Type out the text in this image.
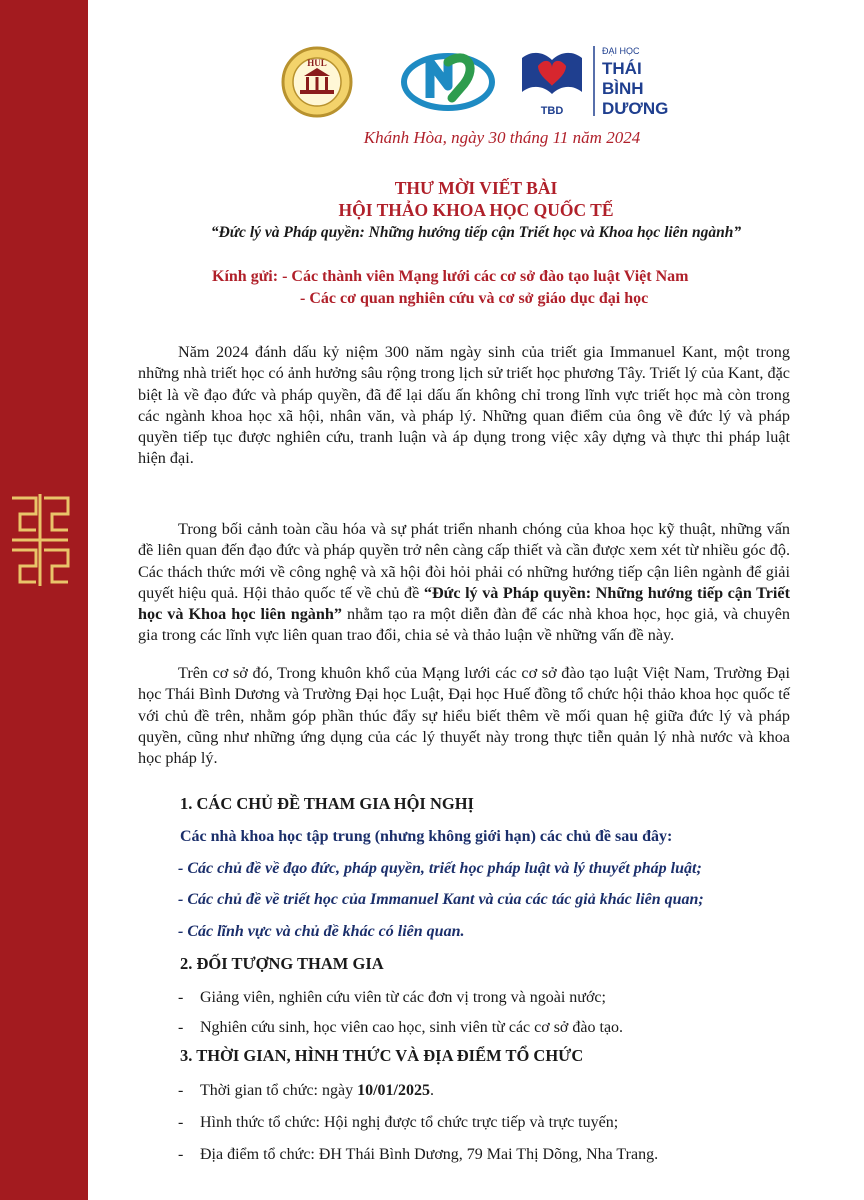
HUL
TBD
ĐẠI HỌC
THÁI
BÌNH
DƯƠNG
Khánh Hòa, ngày 30 tháng 11 năm 2024
THƯ MỜI VIẾT BÀI
HỘI THẢO KHOA HỌC QUỐC TẾ
“Đức lý và Pháp quyền: Những hướng tiếp cận Triết học và Khoa học liên ngành”
Kính gửi: - Các thành viên Mạng lưới các cơ sở đào tạo luật Việt Nam
- Các cơ quan nghiên cứu và cơ sở giáo dục đại học

Năm 2024 đánh dấu kỷ niệm 300 năm ngày sinh của triết gia Immanuel Kant, một trong những nhà triết học có ảnh hưởng sâu rộng trong lịch sử triết học phương Tây. Triết lý của Kant, đặc biệt là về đạo đức và pháp quyền, đã để lại dấu ấn không chỉ trong lĩnh vực triết học mà còn trong các ngành khoa học xã hội, nhân văn, và pháp lý. Những quan điểm của ông về đức lý và pháp quyền tiếp tục được nghiên cứu, tranh luận và áp dụng trong việc xây dựng và thực thi pháp luật hiện đại.

Trong bối cảnh toàn cầu hóa và sự phát triển nhanh chóng của khoa học kỹ thuật, những vấn đề liên quan đến đạo đức và pháp quyền trở nên càng cấp thiết và cần được xem xét từ nhiều góc độ. Các thách thức mới về công nghệ và xã hội đòi hỏi phải có những hướng tiếp cận liên ngành để giải quyết hiệu quả. Hội thảo quốc tế về chủ đề “Đức lý và Pháp quyền: Những hướng tiếp cận Triết học và Khoa học liên ngành” nhằm tạo ra một diễn đàn để các nhà khoa học, học giả, và chuyên gia trong các lĩnh vực liên quan trao đổi, chia sẻ và thảo luận về những vấn đề này.

Trên cơ sở đó, Trong khuôn khổ của Mạng lưới các cơ sở đào tạo luật Việt Nam, Trường Đại học Thái Bình Dương và Trường Đại học Luật, Đại học Huế đồng tổ chức hội thảo khoa học quốc tế với chủ đề trên, nhằm góp phần thúc đẩy sự hiểu biết thêm về mối quan hệ giữa đức lý và pháp quyền, cũng như những ứng dụng của các lý thuyết này trong thực tiễn quản lý nhà nước và khoa học pháp lý.

1. CÁC CHỦ ĐỀ THAM GIA HỘI NGHỊ
Các nhà khoa học tập trung (nhưng không giới hạn) các chủ đề sau đây:
- Các chủ đề về đạo đức, pháp quyền, triết học pháp luật và lý thuyết pháp luật;
- Các chủ đề về triết học của Immanuel Kant và của các tác giả khác liên quan;
- Các lĩnh vực và chủ đề khác có liên quan.
2. ĐỐI TƯỢNG THAM GIA
- Giảng viên, nghiên cứu viên từ các đơn vị trong và ngoài nước;
- Nghiên cứu sinh, học viên cao học, sinh viên từ các cơ sở đào tạo.
3. THỜI GIAN, HÌNH THỨC VÀ ĐỊA ĐIỂM TỔ CHỨC
- Thời gian tổ chức: ngày 10/01/2025.
- Hình thức tổ chức: Hội nghị được tổ chức trực tiếp và trực tuyến;
- Địa điểm tổ chức: ĐH Thái Bình Dương, 79 Mai Thị Dõng, Nha Trang.
